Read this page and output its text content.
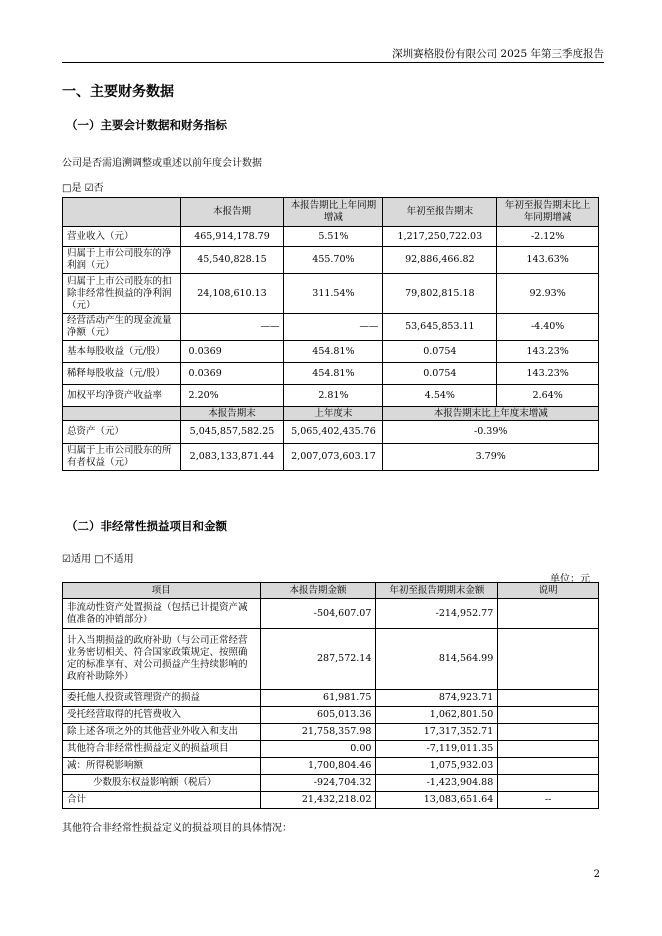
深圳赛格股份有限公司 2025 年第三季度报告
一、主要财务数据
（一）主要会计数据和财务指标
公司是否需追溯调整或重述以前年度会计数据
□是 ☑否
	本报告期	本报告期比上年同期增减	年初至报告期末	年初至报告期末比上年同期增减
营业收入（元）	465,914,178.79	5.51%	1,217,250,722.03	-2.12%
归属于上市公司股东的净利润（元）	45,540,828.15	455.70%	92,886,466.82	143.63%
归属于上市公司股东的扣除非经常性损益的净利润（元）	24,108,610.13	311.54%	79,802,815.18	92.93%
经营活动产生的现金流量净额（元）	——	——	53,645,853.11	-4.40%
基本每股收益（元/股）	0.0369	454.81%	0.0754	143.23%
稀释每股收益（元/股）	0.0369	454.81%	0.0754	143.23%
加权平均净资产收益率	2.20%	2.81%	4.54%	2.64%
	本报告期末	上年度末	本报告期末比上年度末增减	
总资产（元）	5,045,857,582.25	5,065,402,435.76	-0.39%	
归属于上市公司股东的所有者权益（元）	2,083,133,871.44	2,007,073,603.17	3.79%	
（二）非经常性损益项目和金额
☑适用 □不适用
单位：元
项目	本报告期金额	年初至报告期期末金额	说明
非流动性资产处置损益（包括已计提资产减值准备的冲销部分）	-504,607.07	-214,952.77	
计入当期损益的政府补助（与公司正常经营业务密切相关、符合国家政策规定、按照确定的标准享有、对公司损益产生持续影响的政府补助除外）	287,572.14	814,564.99	
委托他人投资或管理资产的损益	61,981.75	874,923.71	
受托经营取得的托管费收入	605,013.36	1,062,801.50	
除上述各项之外的其他营业外收入和支出	21,758,357.98	17,317,352.71	
其他符合非经常性损益定义的损益项目	0.00	-7,119,011.35	
减：所得税影响额	1,700,804.46	1,075,932.03	
少数股东权益影响额（税后）	-924,704.32	-1,423,904.88	
合计	21,432,218.02	13,083,651.64	--
其他符合非经常性损益定义的损益项目的具体情况：
2
